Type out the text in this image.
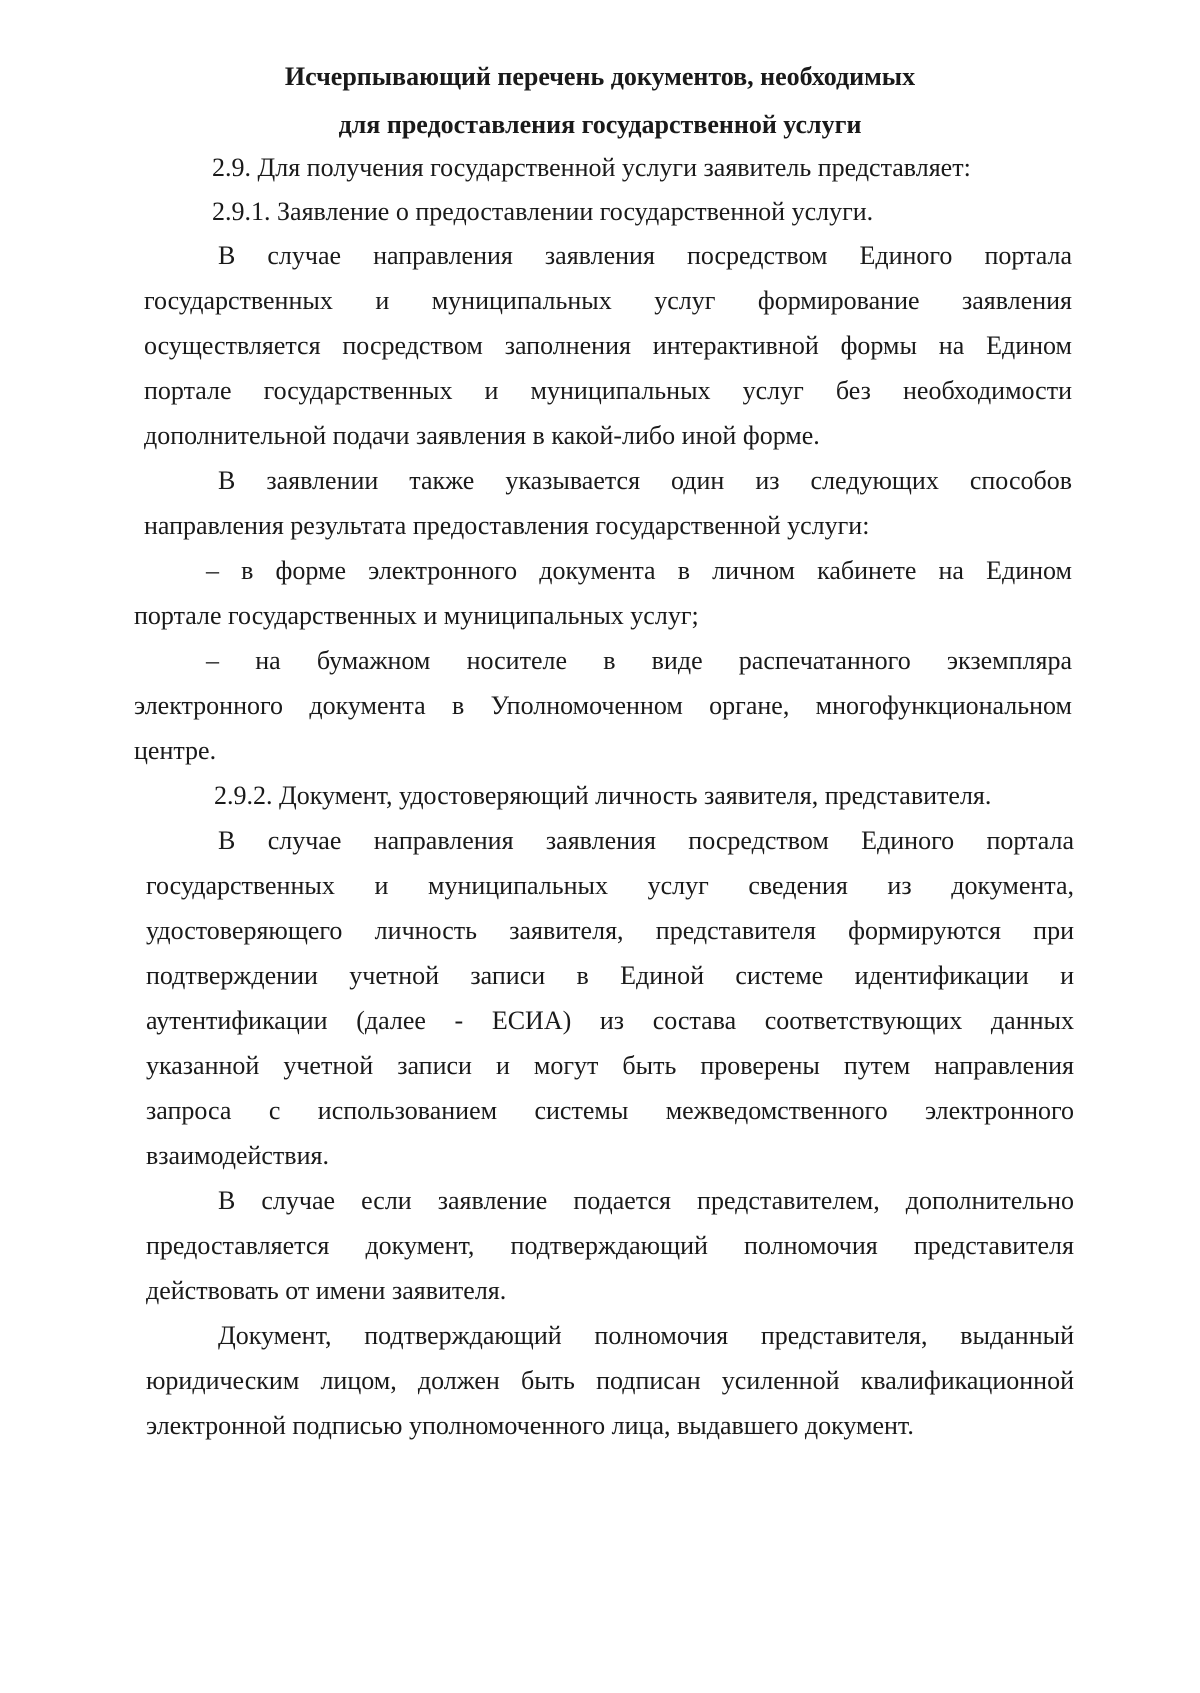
Исчерпывающий перечень документов, необходимых
для предоставления государственной услуги
2.9. Для получения государственной услуги заявитель представляет:
2.9.1. Заявление о предоставлении государственной услуги.
В случае направления заявления посредством Единого портала
государственных и муниципальных услуг формирование заявления
осуществляется посредством заполнения интерактивной формы на Едином
портале государственных и муниципальных услуг без необходимости
дополнительной подачи заявления в какой-либо иной форме.
В заявлении также указывается один из следующих способов
направления результата предоставления государственной услуги:
– в форме электронного документа в личном кабинете на Едином
портале государственных и муниципальных услуг;
– на бумажном носителе в виде распечатанного экземпляра
электронного документа в Уполномоченном органе, многофункциональном
центре.
2.9.2. Документ, удостоверяющий личность заявителя, представителя.
В случае направления заявления посредством Единого портала
государственных и муниципальных услуг сведения из документа,
удостоверяющего личность заявителя, представителя формируются при
подтверждении учетной записи в Единой системе идентификации и
аутентификации (далее - ЕСИА) из состава соответствующих данных
указанной учетной записи и могут быть проверены путем направления
запроса с использованием системы межведомственного электронного
взаимодействия.
В случае если заявление подается представителем, дополнительно
предоставляется документ, подтверждающий полномочия представителя
действовать от имени заявителя.
Документ, подтверждающий полномочия представителя, выданный
юридическим лицом, должен быть подписан усиленной квалификационной
электронной подписью уполномоченного лица, выдавшего документ.
